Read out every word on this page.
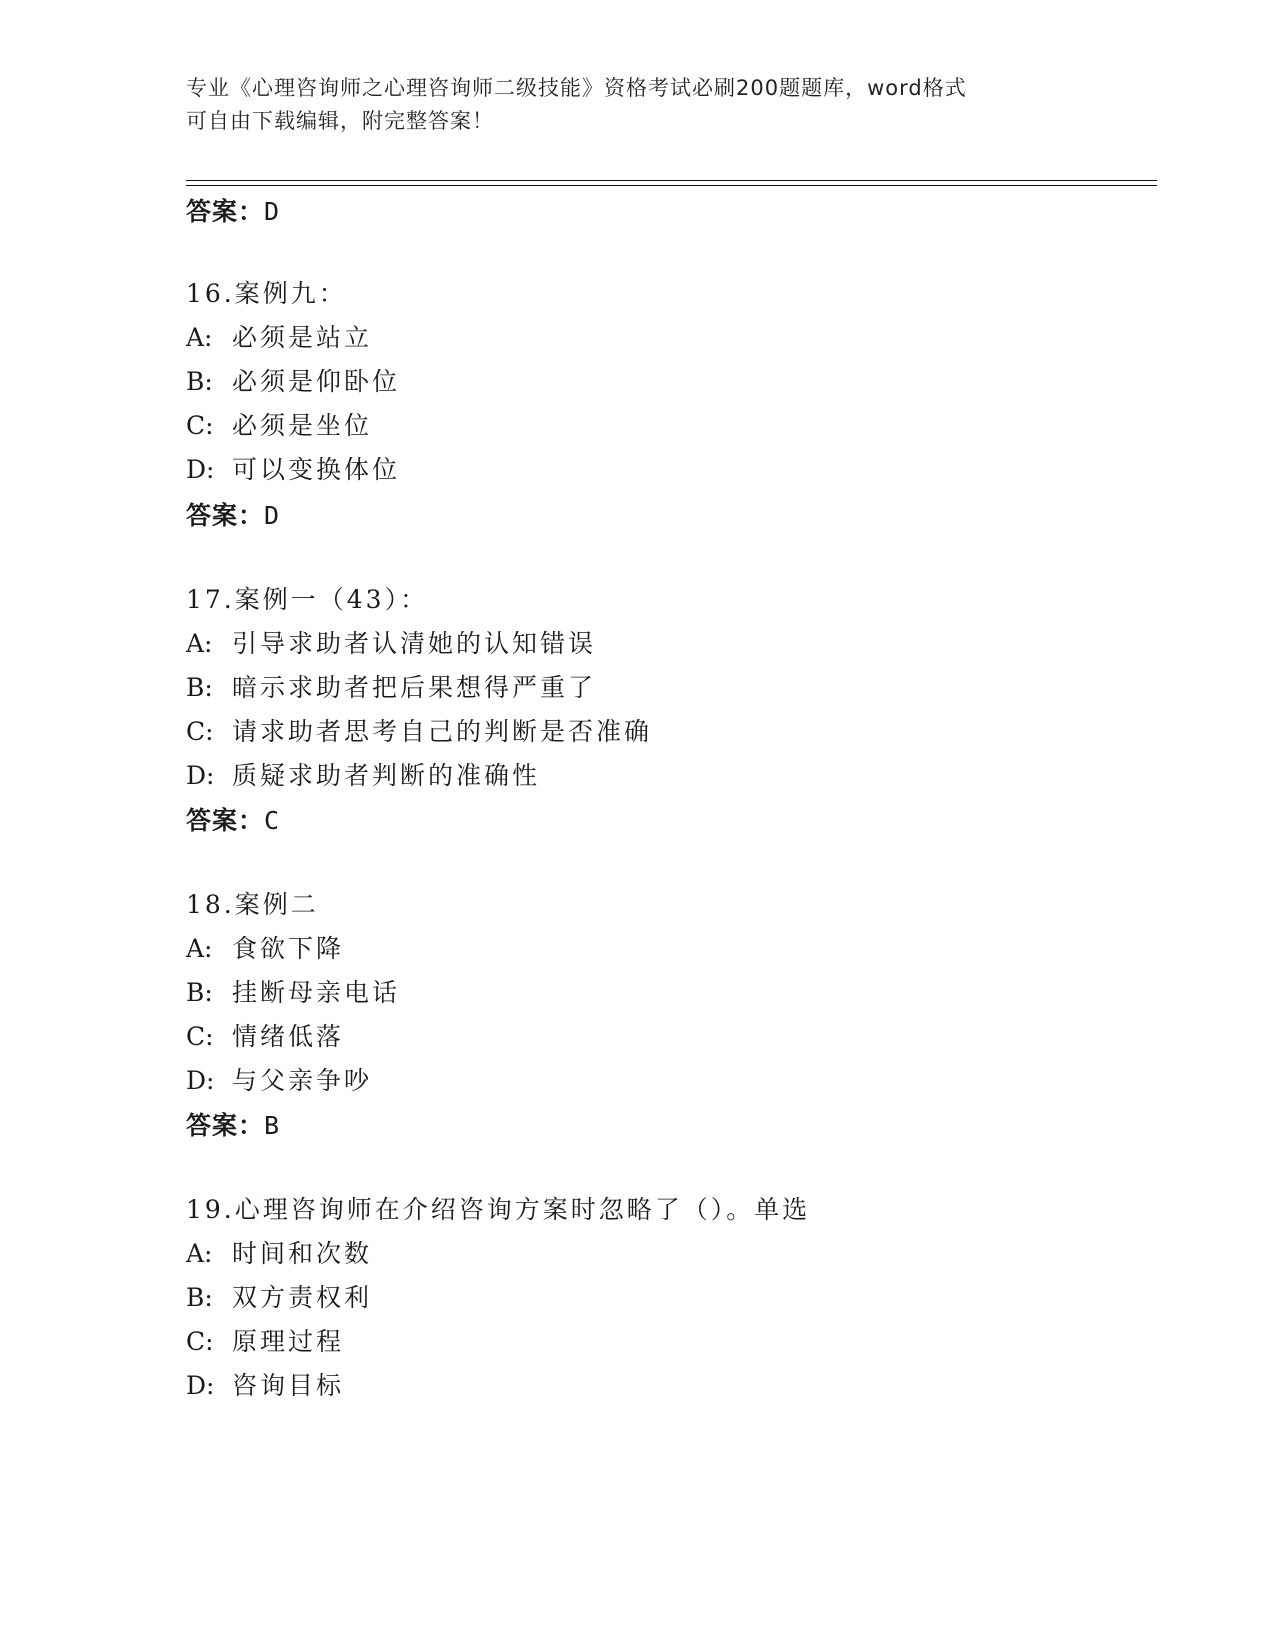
专业《心理咨询师之心理咨询师二级技能》资格考试必刷200题题库，word格式
可自由下载编辑，附完整答案！
答案：D
16.案例九：
A: 必须是站立
B: 必须是仰卧位
C: 必须是坐位
D: 可以变换体位
答案：D
17.案例一（43）：
A: 引导求助者认清她的认知错误
B: 暗示求助者把后果想得严重了
C: 请求助者思考自己的判断是否准确
D: 质疑求助者判断的准确性
答案：C
18.案例二
A: 食欲下降
B: 挂断母亲电话
C: 情绪低落
D: 与父亲争吵
答案：B
19.心理咨询师在介绍咨询方案时忽略了（）。单选
A: 时间和次数
B: 双方责权利
C: 原理过程
D: 咨询目标
